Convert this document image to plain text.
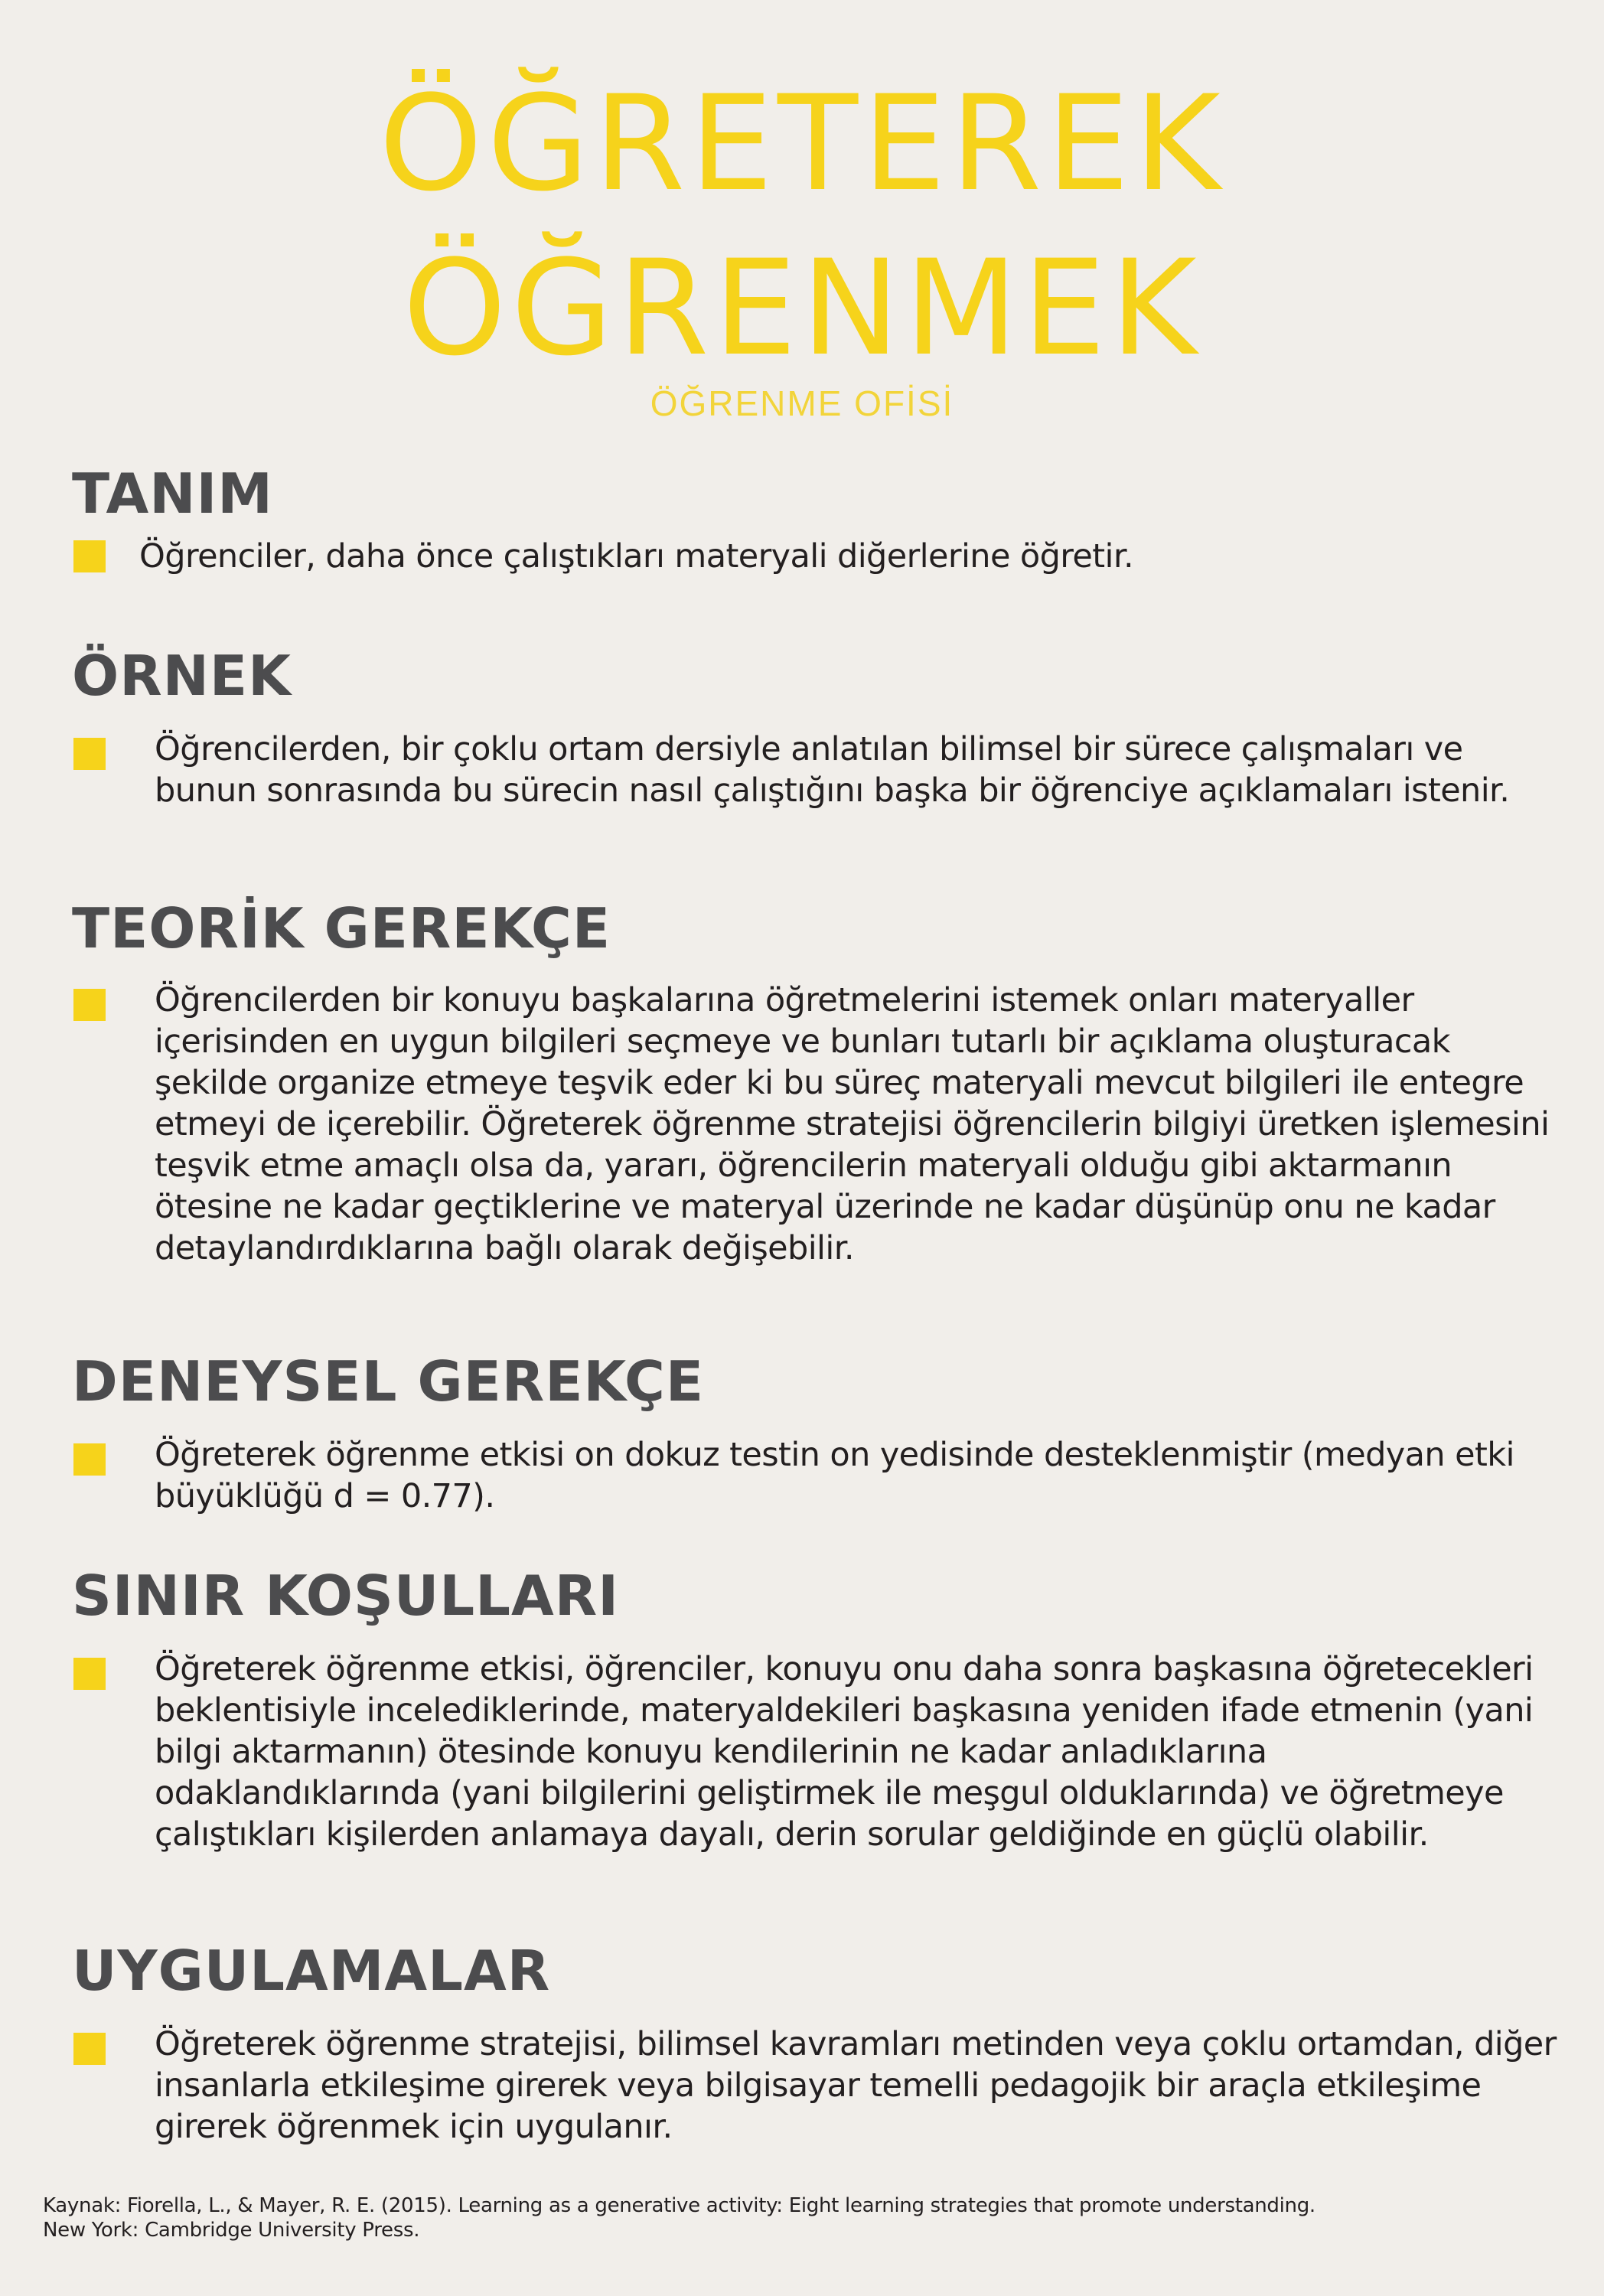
ÖĞRETEREK
ÖĞRENMEK
ÖĞRENME OFİSİ
TANIM
Öğrenciler, daha önce çalıştıkları materyali diğerlerine öğretir.
ÖRNEK
Öğrencilerden, bir çoklu ortam dersiyle anlatılan bilimsel bir sürece çalışmaları ve bunun sonrasında bu sürecin nasıl çalıştığını başka bir öğrenciye açıklamaları istenir.
TEORİK GEREKÇE
Öğrencilerden bir konuyu başkalarına öğretmelerini istemek onları materyaller içerisinden en uygun bilgileri seçmeye ve bunları tutarlı bir açıklama oluşturacak şekilde organize etmeye teşvik eder ki bu süreç materyali mevcut bilgileri ile entegre etmeyi de içerebilir. Öğreterek öğrenme stratejisi öğrencilerin bilgiyi üretken işlemesini teşvik etme amaçlı olsa da, yararı, öğrencilerin materyali olduğu gibi aktarmanın ötesine ne kadar geçtiklerine ve materyal üzerinde ne kadar düşünüp onu ne kadar detaylandırdıklarına bağlı olarak değişebilir.
DENEYSEL GEREKÇE
Öğreterek öğrenme etkisi on dokuz testin on yedisinde desteklenmiştir (medyan etki büyüklüğü d = 0.77).
SINIR KOŞULLARI
Öğreterek öğrenme etkisi, öğrenciler, konuyu onu daha sonra başkasına öğretecekleri beklentisiyle incelediklerinde, materyaldekileri başkasına yeniden ifade etmenin (yani bilgi aktarmanın) ötesinde konuyu kendilerinin ne kadar anladıklarına odaklandıklarında (yani bilgilerini geliştirmek ile meşgul olduklarında) ve öğretmeye çalıştıkları kişilerden anlamaya dayalı, derin sorular geldiğinde en güçlü olabilir.
UYGULAMALAR
Öğreterek öğrenme stratejisi, bilimsel kavramları metinden veya çoklu ortamdan, diğer insanlarla etkileşime girerek veya bilgisayar temelli pedagojik bir araçla etkileşime girerek öğrenmek için uygulanır.
Kaynak: Fiorella, L., & Mayer, R. E. (2015). Learning as a generative activity: Eight learning strategies that promote understanding.
New York: Cambridge University Press.
